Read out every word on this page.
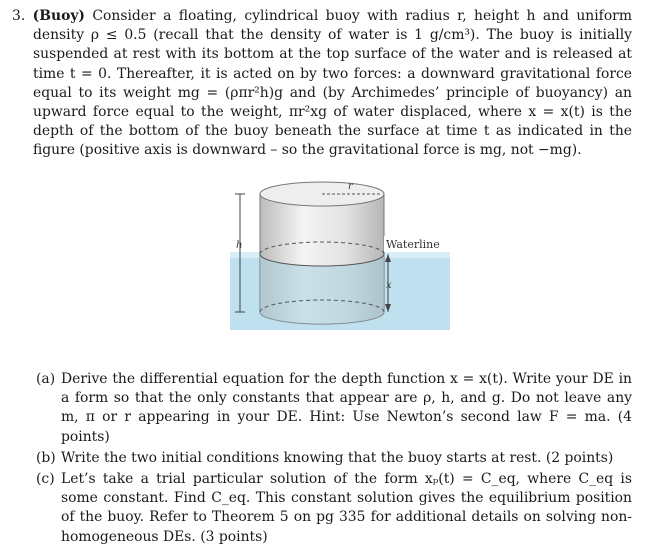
3. (Buoy) Consider a floating, cylindrical buoy with radius r, height h and uniform density ρ ≤ 0.5 (recall that the density of water is 1 g/cm³). The buoy is initially suspended at rest with its bottom at the top surface of the water and is released at time t = 0. Thereafter, it is acted on by two forces: a downward gravitational force equal to its weight mg = (ρπr²h)g and (by Archimedes’ principle of buoyancy) an upward force equal to the weight, πr²xg of water displaced, where x = x(t) is the depth of the bottom of the buoy beneath the surface at time t as indicated in the figure (positive axis is downward – so the gravitational force is mg, not −mg).

r
h
x
Waterline
(a) Derive the differential equation for the depth function x = x(t). Write your DE in a form so that the only constants that appear are ρ, h, and g. Do not leave any m, π or r appearing in your DE. Hint: Use Newton’s second law F = ma. (4 points)
(b) Write the two initial conditions knowing that the buoy starts at rest. (2 points)
(c) Let’s take a trial particular solution of the form xₚ(t) = C_eq, where C_eq is some constant. Find C_eq. This constant solution gives the equilibrium position of the buoy. Refer to Theorem 5 on pg 335 for additional details on solving non-homogeneous DEs. (3 points)
